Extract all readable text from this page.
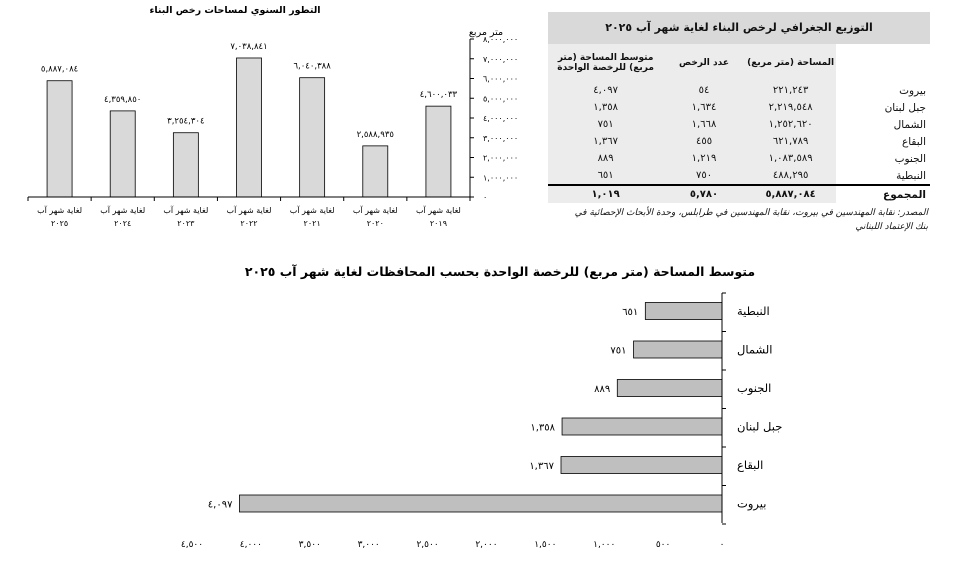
التطور السنوي لمساحات رخص البناء
متر مربع
٥,٨٨٧,٠٨٤
٤,٣٥٩,٨٥٠
٣,٢٥٤,٣٠٤
٧,٠٣٨,٨٤١
٦,٠٤٠,٣٨٨
٢,٥٨٨,٩٣٥
٤,٦٠٠,٠٣٣
٠
١,٠٠٠,٠٠٠
٢,٠٠٠,٠٠٠
٣,٠٠٠,٠٠٠
٤,٠٠٠,٠٠٠
٥,٠٠٠,٠٠٠
٦,٠٠٠,٠٠٠
٧,٠٠٠,٠٠٠
٨,٠٠٠,٠٠٠
لغاية شهر آب
٢٠٢٥
لغاية شهر آب
٢٠٢٤
لغاية شهر آب
٢٠٢٣
لغاية شهر آب
٢٠٢٢
لغاية شهر آب
٢٠٢١
لغاية شهر آب
٢٠٢٠
لغاية شهر آب
٢٠١٩
التوزيع الجغرافي لرخص البناء لغاية شهر آب ٢٠٢٥
	المساحة (متر مربع)	عدد الرخص	متوسط المساحة (متر مربع) للرخصة الواحدة
بيروت	٢٢١,٢٤٣	٥٤	٤,٠٩٧
جبل لبنان	٢,٢١٩,٥٤٨	١,٦٣٤	١,٣٥٨
الشمال	١,٢٥٢,٦٢٠	١,٦٦٨	٧٥١
البقاع	٦٢١,٧٨٩	٤٥٥	١,٣٦٧
الجنوب	١,٠٨٣,٥٨٩	١,٢١٩	٨٨٩
النبطية	٤٨٨,٢٩٥	٧٥٠	٦٥١
المجموع	٥,٨٨٧,٠٨٤	٥,٧٨٠	١,٠١٩
المصدر: نقابة المهندسين في بيروت، نقابة المهندسين في طرابلس، وحدة الأبحاث الإحصائية في
بنك الإعتماد اللبناني
متوسط المساحة (متر مربع) للرخصة الواحدة بحسب المحافظات لغاية شهر آب ٢٠٢٥
٦٥١
٧٥١
٨٨٩
١,٣٥٨
١,٣٦٧
٤,٠٩٧
النبطية
الشمال
الجنوب
جبل لبنان
البقاع
بيروت
٠
٥٠٠
١,٠٠٠
١,٥٠٠
٢,٠٠٠
٢,٥٠٠
٣,٠٠٠
٣,٥٠٠
٤,٠٠٠
٤,٥٠٠
